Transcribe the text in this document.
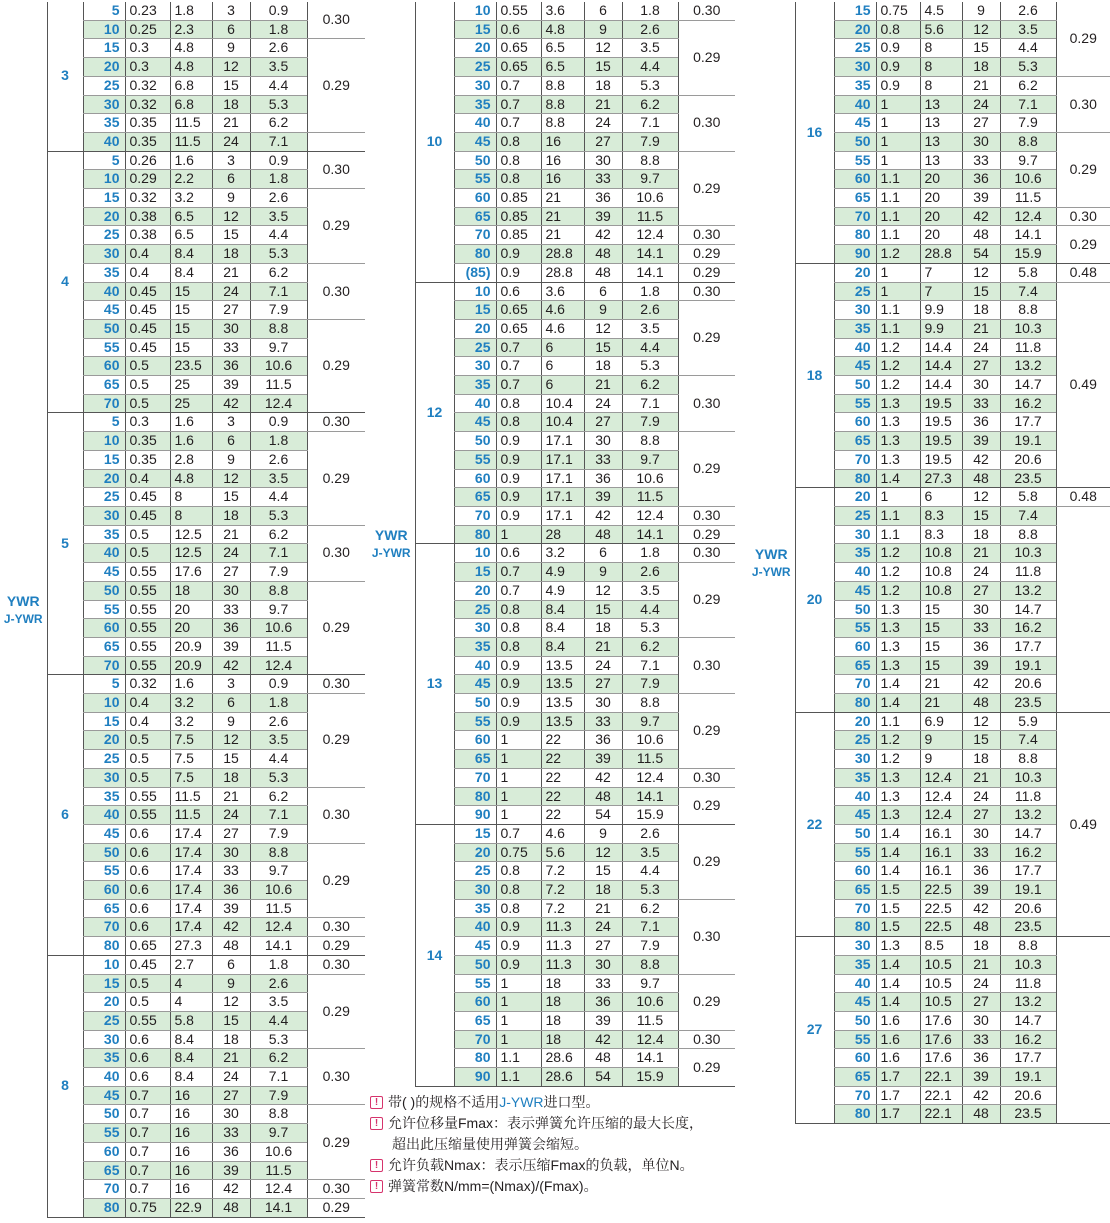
YWR
J-YWR	3	5	0.23	1.8	3	0.9	0.30
		10	0.25	2.3	6	1.8	
		15	0.3	4.8	9	2.6	0.29
		20	0.3	4.8	12	3.5	
		25	0.32	6.8	15	4.4	
		30	0.32	6.8	18	5.3	
		35	0.35	11.5	21	6.2	
		40	0.35	11.5	24	7.1	
	4	5	0.26	1.6	3	0.9	0.30
		10	0.29	2.2	6	1.8	
		15	0.32	3.2	9	2.6	0.29
		20	0.38	6.5	12	3.5	
		25	0.38	6.5	15	4.4	
		30	0.4	8.4	18	5.3	
		35	0.4	8.4	21	6.2	0.30
		40	0.45	15	24	7.1	
		45	0.45	15	27	7.9	
		50	0.45	15	30	8.8	0.29
		55	0.45	15	33	9.7	
		60	0.5	23.5	36	10.6	
		65	0.5	25	39	11.5	
		70	0.5	25	42	12.4	
	5	5	0.3	1.6	3	0.9	0.30
		10	0.35	1.6	6	1.8	0.29
		15	0.35	2.8	9	2.6	
		20	0.4	4.8	12	3.5	
		25	0.45	8	15	4.4	
		30	0.45	8	18	5.3	
		35	0.5	12.5	21	6.2	0.30
		40	0.5	12.5	24	7.1	
		45	0.55	17.6	27	7.9	
		50	0.55	18	30	8.8	0.29
		55	0.55	20	33	9.7	
		60	0.55	20	36	10.6	
		65	0.55	20.9	39	11.5	
		70	0.55	20.9	42	12.4	
	6	5	0.32	1.6	3	0.9	0.30
		10	0.4	3.2	6	1.8	0.29
		15	0.4	3.2	9	2.6	
		20	0.5	7.5	12	3.5	
		25	0.5	7.5	15	4.4	
		30	0.5	7.5	18	5.3	
		35	0.55	11.5	21	6.2	0.30
		40	0.55	11.5	24	7.1	
		45	0.6	17.4	27	7.9	
		50	0.6	17.4	30	8.8	0.29
		55	0.6	17.4	33	9.7	
		60	0.6	17.4	36	10.6	
		65	0.6	17.4	39	11.5	
		70	0.6	17.4	42	12.4	0.30
		80	0.65	27.3	48	14.1	0.29
	8	10	0.45	2.7	6	1.8	0.30
		15	0.5	4	9	2.6	0.29
		20	0.5	4	12	3.5	
		25	0.55	5.8	15	4.4	
		30	0.6	8.4	18	5.3	
		35	0.6	8.4	21	6.2	0.30
		40	0.6	8.4	24	7.1	
		45	0.7	16	27	7.9	
		50	0.7	16	30	8.8	0.29
		55	0.7	16	33	9.7	
		60	0.7	16	36	10.6	
		65	0.7	16	39	11.5	
		70	0.7	16	42	12.4	0.30
		80	0.75	22.9	48	14.1	0.29
YWR
J-YWR	10	10	0.55	3.6	6	1.8	0.30
		15	0.6	4.8	9	2.6	0.29
		20	0.65	6.5	12	3.5	
		25	0.65	6.5	15	4.4	
		30	0.7	8.8	18	5.3	
		35	0.7	8.8	21	6.2	0.30
		40	0.7	8.8	24	7.1	
		45	0.8	16	27	7.9	
		50	0.8	16	30	8.8	0.29
		55	0.8	16	33	9.7	
		60	0.85	21	36	10.6	
		65	0.85	21	39	11.5	
		70	0.85	21	42	12.4	0.30
		80	0.9	28.8	48	14.1	0.29
		(85)	0.9	28.8	48	14.1	0.29
	12	10	0.6	3.6	6	1.8	0.30
		15	0.65	4.6	9	2.6	0.29
		20	0.65	4.6	12	3.5	
		25	0.7	6	15	4.4	
		30	0.7	6	18	5.3	
		35	0.7	6	21	6.2	0.30
		40	0.8	10.4	24	7.1	
		45	0.8	10.4	27	7.9	
		50	0.9	17.1	30	8.8	0.29
		55	0.9	17.1	33	9.7	
		60	0.9	17.1	36	10.6	
		65	0.9	17.1	39	11.5	
		70	0.9	17.1	42	12.4	0.30
		80	1	28	48	14.1	0.29
	13	10	0.6	3.2	6	1.8	0.30
		15	0.7	4.9	9	2.6	0.29
		20	0.7	4.9	12	3.5	
		25	0.8	8.4	15	4.4	
		30	0.8	8.4	18	5.3	
		35	0.8	8.4	21	6.2	0.30
		40	0.9	13.5	24	7.1	
		45	0.9	13.5	27	7.9	
		50	0.9	13.5	30	8.8	0.29
		55	0.9	13.5	33	9.7	
		60	1	22	36	10.6	
		65	1	22	39	11.5	
		70	1	22	42	12.4	0.30
		80	1	22	48	14.1	0.29
		90	1	22	54	15.9	
	14	15	0.7	4.6	9	2.6	0.29
		20	0.75	5.6	12	3.5	
		25	0.8	7.2	15	4.4	
		30	0.8	7.2	18	5.3	
		35	0.8	7.2	21	6.2	0.30
		40	0.9	11.3	24	7.1	
		45	0.9	11.3	27	7.9	
		50	0.9	11.3	30	8.8	
		55	1	18	33	9.7	0.29
		60	1	18	36	10.6	
		65	1	18	39	11.5	
		70	1	18	42	12.4	0.30
		80	1.1	28.6	48	14.1	0.29
		90	1.1	28.6	54	15.9	
YWR
J-YWR	16	15	0.75	4.5	9	2.6	0.29
		20	0.8	5.6	12	3.5	
		25	0.9	8	15	4.4	
		30	0.9	8	18	5.3	
		35	0.9	8	21	6.2	0.30
		40	1	13	24	7.1	
		45	1	13	27	7.9	
		50	1	13	30	8.8	0.29
		55	1	13	33	9.7	
		60	1.1	20	36	10.6	
		65	1.1	20	39	11.5	
		70	1.1	20	42	12.4	0.30
		80	1.1	20	48	14.1	0.29
		90	1.2	28.8	54	15.9	
	18	20	1	7	12	5.8	0.48
		25	1	7	15	7.4	0.49
		30	1.1	9.9	18	8.8	
		35	1.1	9.9	21	10.3	
		40	1.2	14.4	24	11.8	
		45	1.2	14.4	27	13.2	
		50	1.2	14.4	30	14.7	
		55	1.3	19.5	33	16.2	
		60	1.3	19.5	36	17.7	
		65	1.3	19.5	39	19.1	
		70	1.3	19.5	42	20.6	
		80	1.4	27.3	48	23.5	
	20	20	1	6	12	5.8	0.48
		25	1.1	8.3	15	7.4	
		30	1.1	8.3	18	8.8	
		35	1.2	10.8	21	10.3	
		40	1.2	10.8	24	11.8	
		45	1.2	10.8	27	13.2	
		50	1.3	15	30	14.7	
		55	1.3	15	33	16.2	
		60	1.3	15	36	17.7	
		65	1.3	15	39	19.1	
		70	1.4	21	42	20.6	
		80	1.4	21	48	23.5	
	22	20	1.1	6.9	12	5.9	0.49
		25	1.2	9	15	7.4	
		30	1.2	9	18	8.8	
		35	1.3	12.4	21	10.3	
		40	1.3	12.4	24	11.8	
		45	1.3	12.4	27	13.2	
		50	1.4	16.1	30	14.7	
		55	1.4	16.1	33	16.2	
		60	1.4	16.1	36	17.7	
		65	1.5	22.5	39	19.1	
		70	1.5	22.5	42	20.6	
		80	1.5	22.5	48	23.5	
	27	30	1.3	8.5	18	8.8	
		35	1.4	10.5	21	10.3	
		40	1.4	10.5	24	11.8	
		45	1.4	10.5	27	13.2	
		50	1.6	17.6	30	14.7	
		55	1.6	17.6	33	16.2	
		60	1.6	17.6	36	17.7	
		65	1.7	22.1	39	19.1	
		70	1.7	22.1	42	20.6	
		80	1.7	22.1	48	23.5	
! 带( )的规格不适用J-YWR进口型。
! 允许位移量Fmax：表示弹簧允许压缩的最大长度，
超出此压缩量使用弹簧会缩短。
! 允许负载Nmax：表示压缩Fmax的负载，单位N。
! 弹簧常数N/mm=(Nmax)/(Fmax)。
